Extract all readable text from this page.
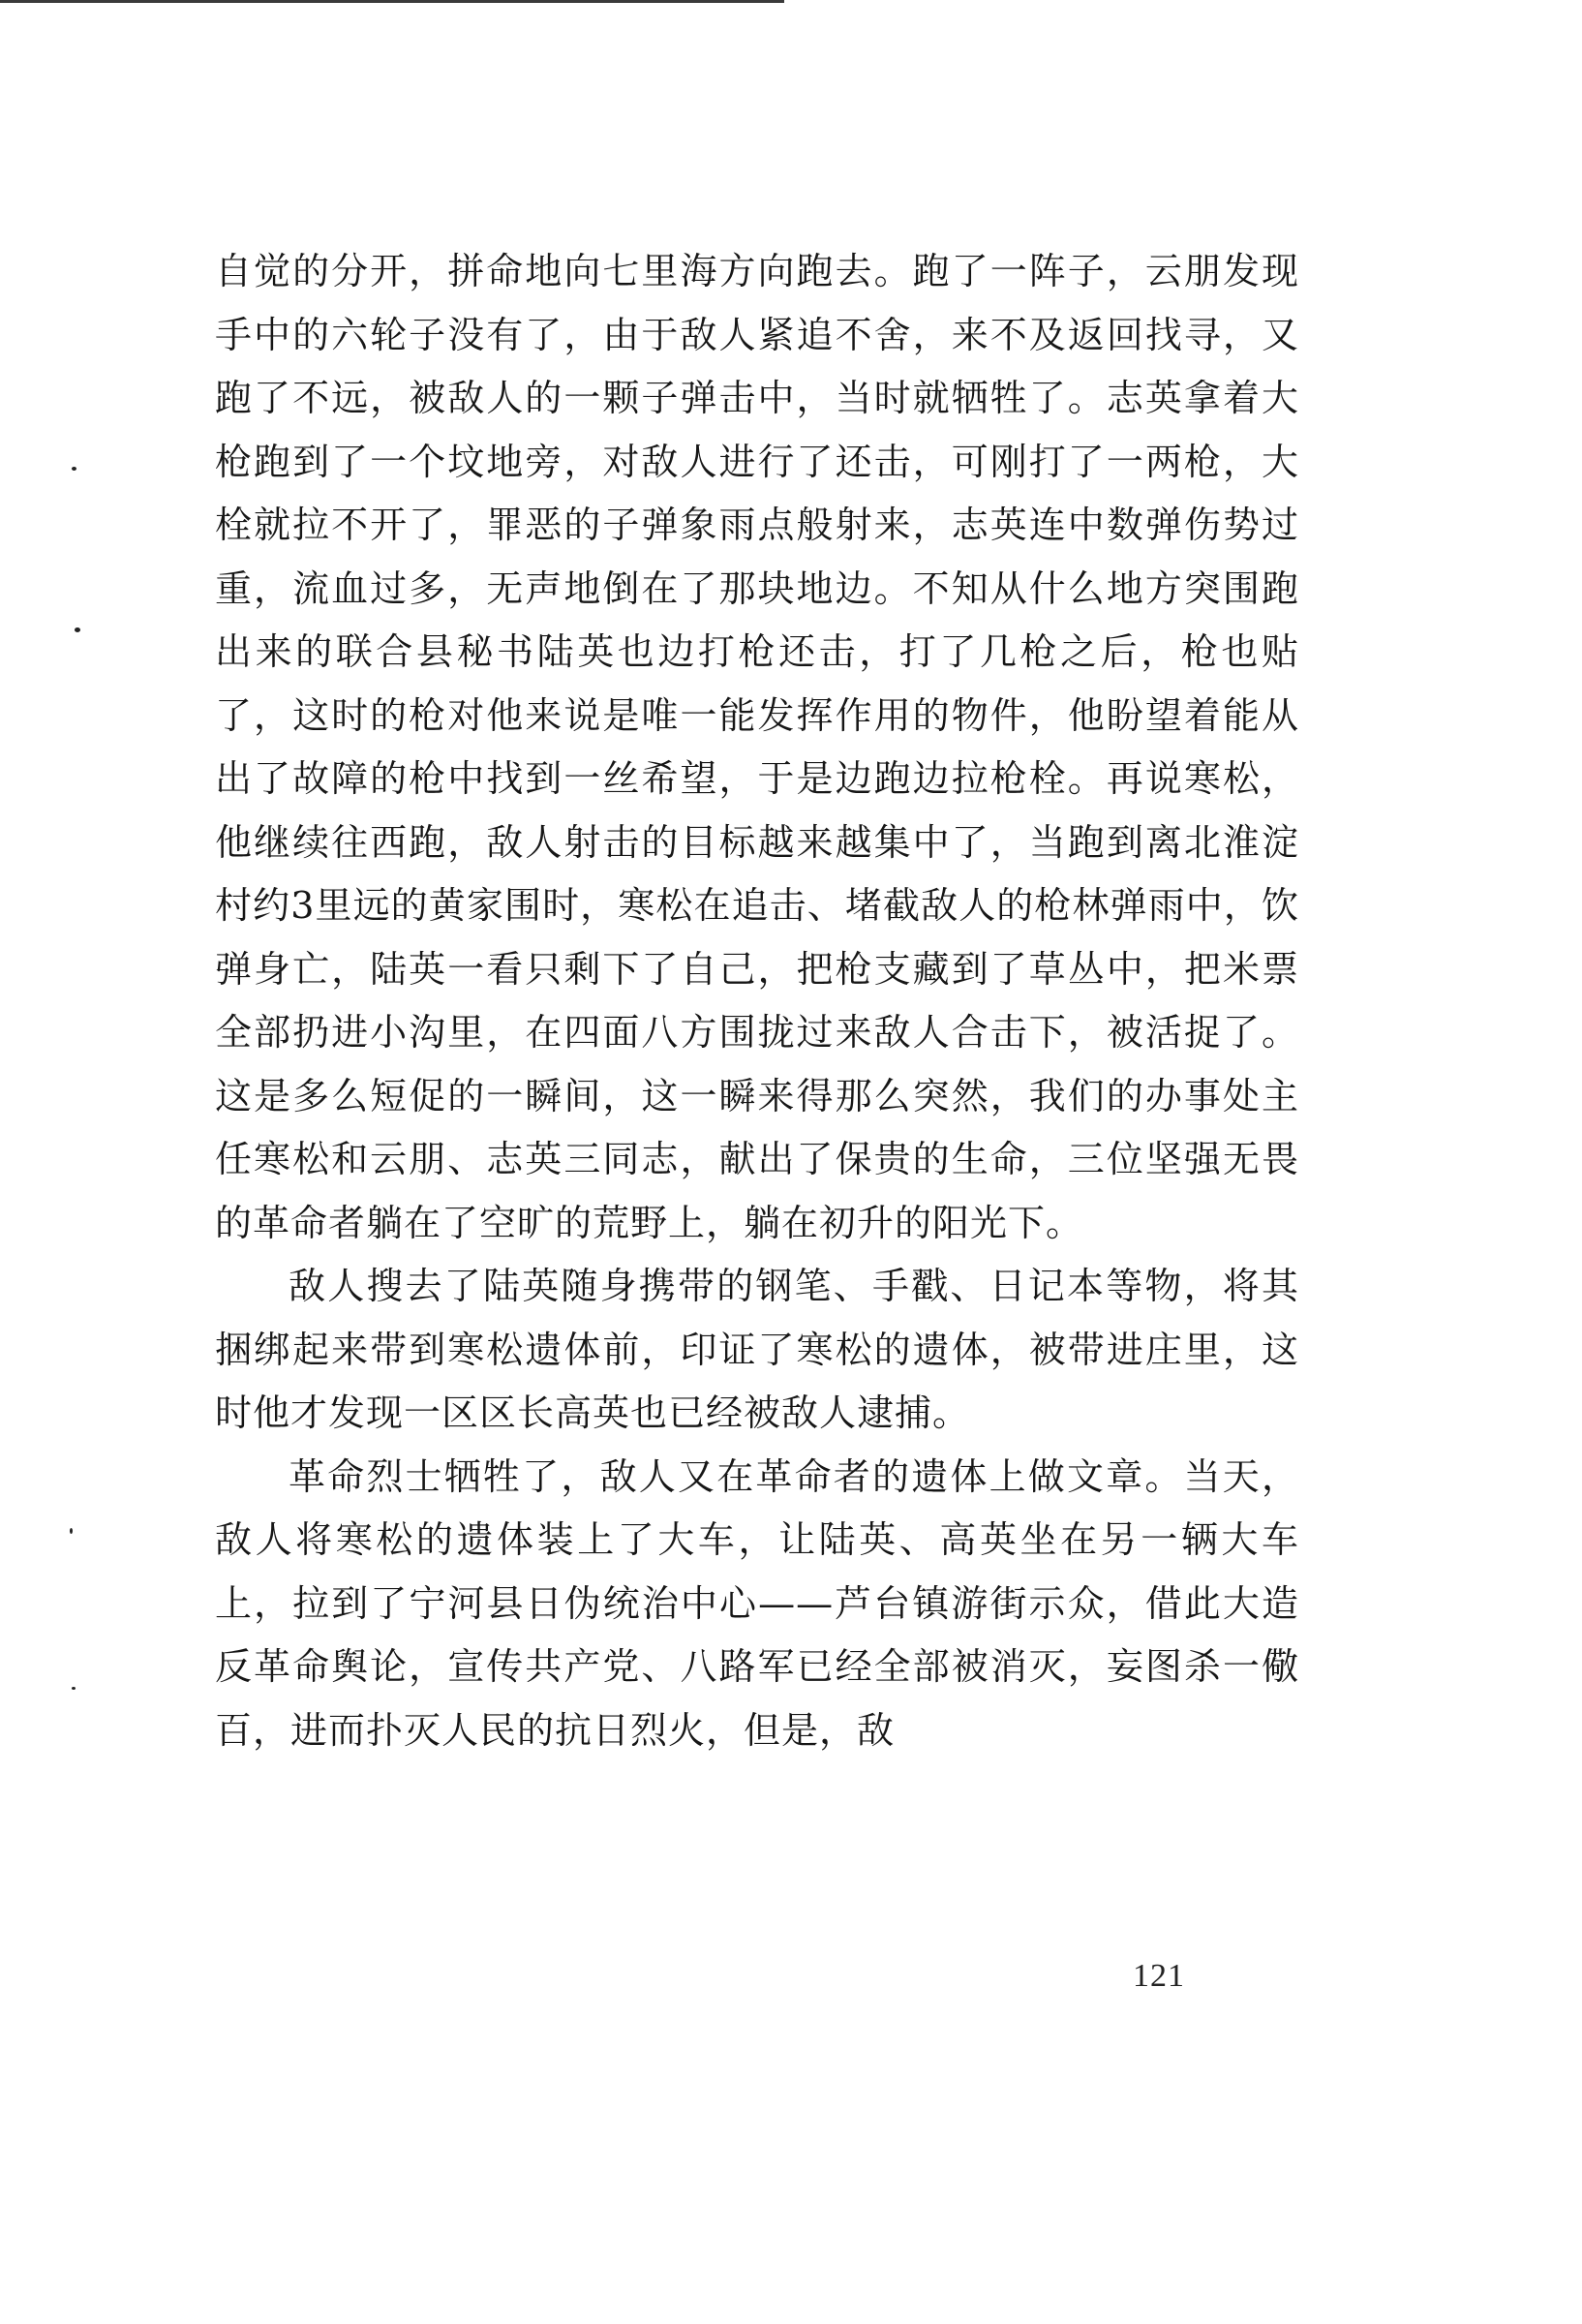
自觉的分开，拼命地向七里海方向跑去。跑了一阵子，云朋发现手中的六轮子没有了，由于敌人紧追不舍，来不及返回找寻，又跑了不远，被敌人的一颗子弹击中，当时就牺牲了。志英拿着大枪跑到了一个坟地旁，对敌人进行了还击，可刚打了一两枪，大栓就拉不开了，罪恶的子弹象雨点般射来，志英连中数弹伤势过重，流血过多，无声地倒在了那块地边。不知从什么地方突围跑出来的联合县秘书陆英也边打枪还击，打了几枪之后，枪也贴了，这时的枪对他来说是唯一能发挥作用的物件，他盼望着能从出了故障的枪中找到一丝希望，于是边跑边拉枪栓。再说寒松，他继续往西跑，敌人射击的目标越来越集中了，当跑到离北淮淀村约3里远的黄家围时，寒松在追击、堵截敌人的枪林弹雨中，饮弹身亡，陆英一看只剩下了自己，把枪支藏到了草丛中，把米票全部扔进小沟里，在四面八方围拢过来敌人合击下，被活捉了。这是多么短促的一瞬间，这一瞬来得那么突然，我们的办事处主任寒松和云朋、志英三同志，献出了保贵的生命，三位坚强无畏的革命者躺在了空旷的荒野上，躺在初升的阳光下。

敌人搜去了陆英随身携带的钢笔、手戳、日记本等物，将其捆绑起来带到寒松遗体前，印证了寒松的遗体，被带进庄里，这时他才发现一区区长高英也已经被敌人逮捕。

革命烈士牺牲了，敌人又在革命者的遗体上做文章。当天，敌人将寒松的遗体装上了大车，让陆英、高英坐在另一辆大车上，拉到了宁河县日伪统治中心——芦台镇游街示众，借此大造反革命舆论，宣传共产党、八路军已经全部被消灭，妄图杀一儆百，进而扑灭人民的抗日烈火，但是，敌

121
